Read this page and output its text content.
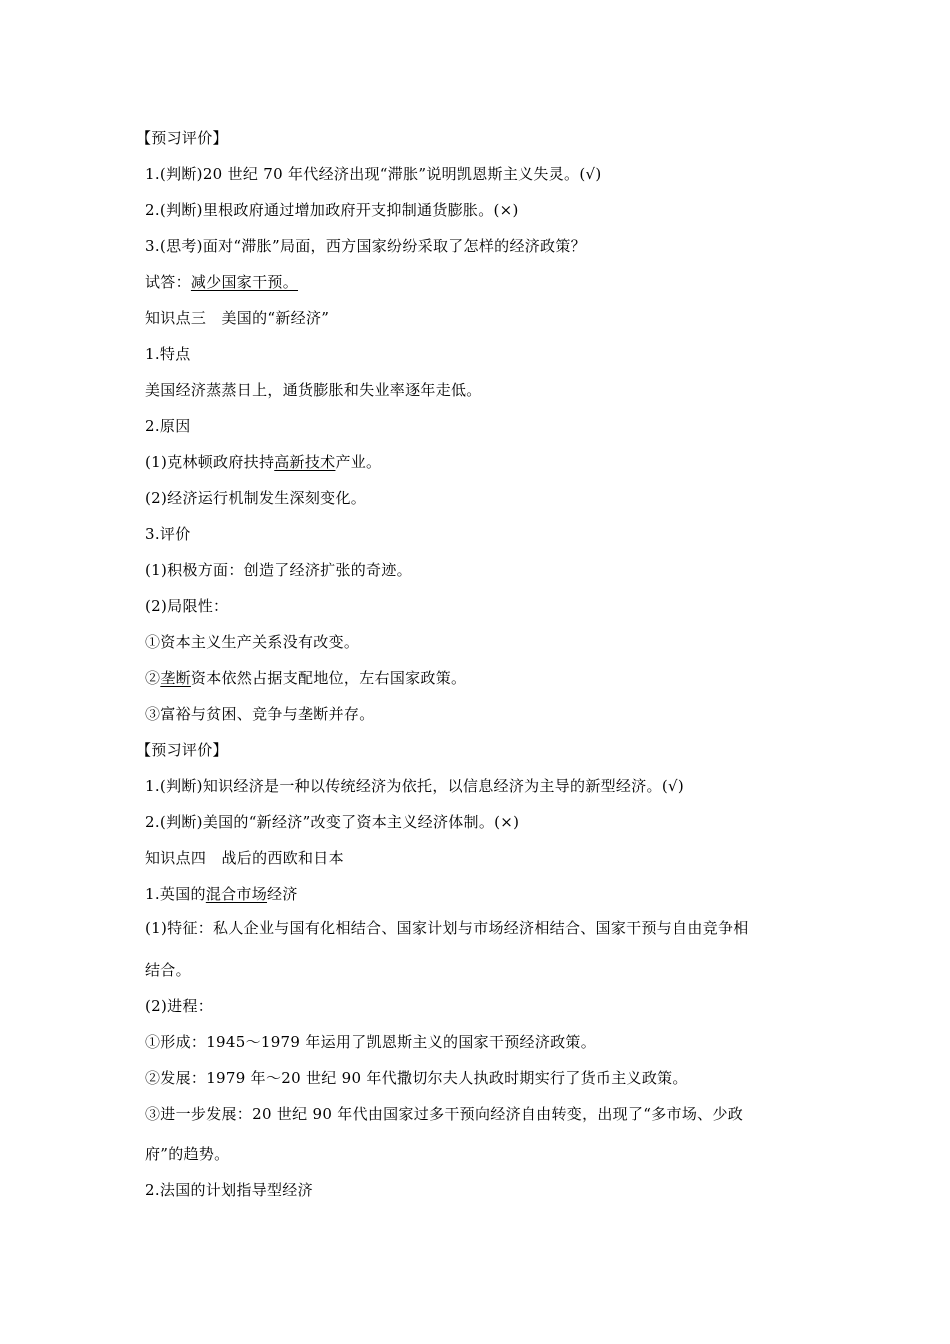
【预习评价】
1.(判断)20 世纪 70 年代经济出现“滞胀”说明凯恩斯主义失灵。(√)
2.(判断)里根政府通过增加政府开支抑制通货膨胀。(×)
3.(思考)面对“滞胀”局面，西方国家纷纷采取了怎样的经济政策？
试答：减少国家干预。
知识点三　美国的“新经济”
1.特点
美国经济蒸蒸日上，通货膨胀和失业率逐年走低。
2.原因
(1)克林顿政府扶持高新技术产业。
(2)经济运行机制发生深刻变化。
3.评价
(1)积极方面：创造了经济扩张的奇迹。
(2)局限性：
①资本主义生产关系没有改变。
②垄断资本依然占据支配地位，左右国家政策。
③富裕与贫困、竞争与垄断并存。
【预习评价】
1.(判断)知识经济是一种以传统经济为依托，以信息经济为主导的新型经济。(√)
2.(判断)美国的“新经济”改变了资本主义经济体制。(×)
知识点四　战后的西欧和日本
1.英国的混合市场经济
(1)特征：私人企业与国有化相结合、国家计划与市场经济相结合、国家干预与自由竞争相
结合。
(2)进程：
①形成：1945～1979 年运用了凯恩斯主义的国家干预经济政策。
②发展：1979 年～20 世纪 90 年代撒切尔夫人执政时期实行了货币主义政策。
③进一步发展：20 世纪 90 年代由国家过多干预向经济自由转变，出现了“多市场、少政
府”的趋势。
2.法国的计划指导型经济
